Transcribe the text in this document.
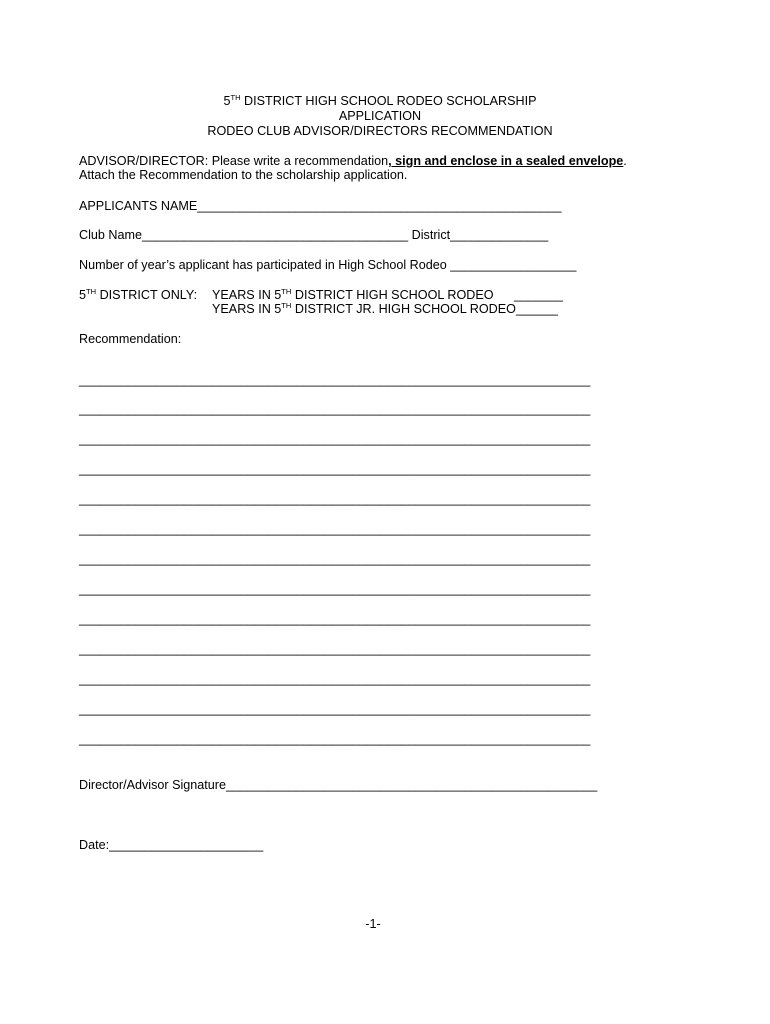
5TH DISTRICT HIGH SCHOOL RODEO SCHOLARSHIP
APPLICATION
RODEO CLUB ADVISOR/DIRECTORS RECOMMENDATION
ADVISOR/DIRECTOR: Please write a recommendation, sign and enclose in a sealed envelope.
Attach the Recommendation to the scholarship application.
APPLICANTS NAME____________________________________________________
Club Name______________________________________ District______________
Number of year’s applicant has participated in High School Rodeo __________________
5TH DISTRICT ONLY: YEARS IN 5TH DISTRICT HIGH SCHOOL RODEO _______
YEARS IN 5TH DISTRICT JR. HIGH SCHOOL RODEO______
Recommendation:
_________________________________________________________________________
_________________________________________________________________________
_________________________________________________________________________
_________________________________________________________________________
_________________________________________________________________________
_________________________________________________________________________
_________________________________________________________________________
_________________________________________________________________________
_________________________________________________________________________
_________________________________________________________________________
_________________________________________________________________________
_________________________________________________________________________
_________________________________________________________________________
Director/Advisor Signature_____________________________________________________
Date:______________________
-1-
